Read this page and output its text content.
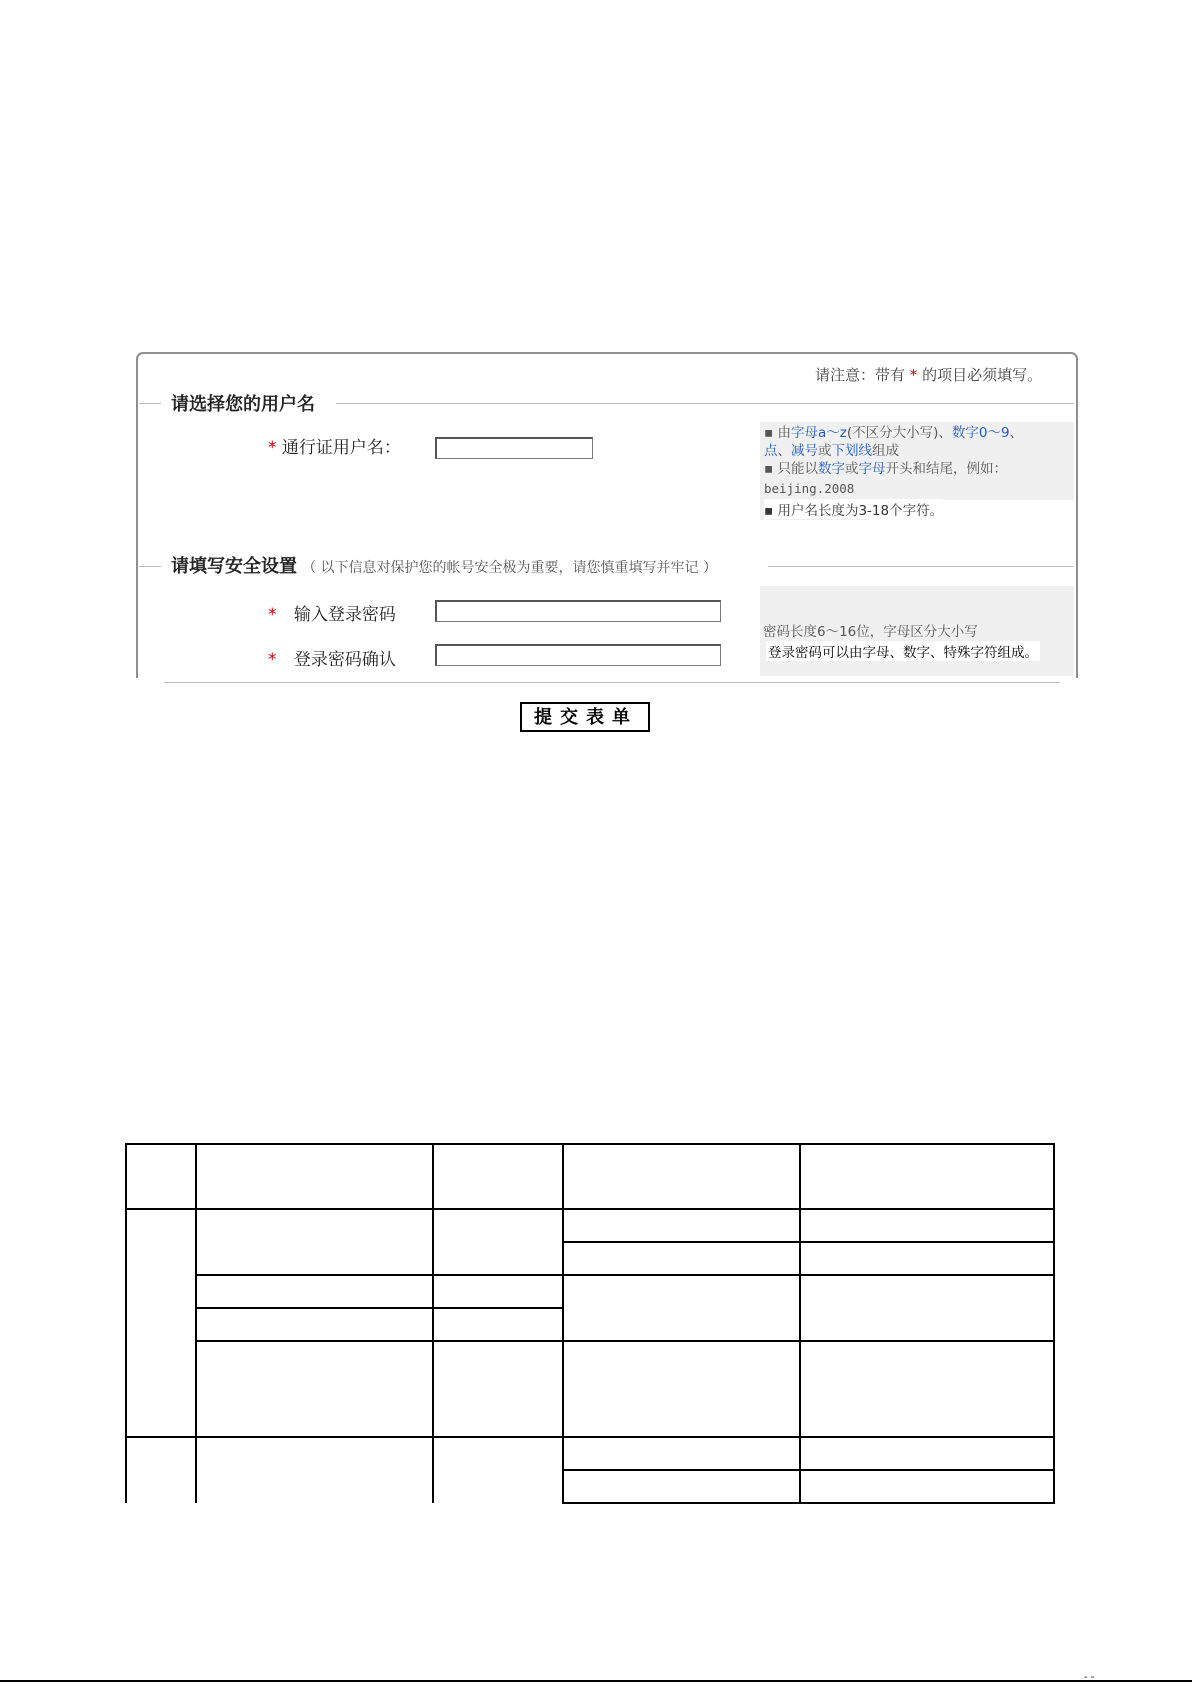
请注意：带有 * 的项目必须填写。
请选择您的用户名
* 通行证用户名：
▪ 由字母a～z(不区分大小写)、数字0～9、
点、减号或下划线组成
▪ 只能以数字或字母开头和结尾，例如：
beijing.2008
▪ 用户名长度为3-18个字符。
请填写安全设置 （ 以下信息对保护您的帐号安全极为重要，请您慎重填写并牢记 ）
* 输入登录密码
* 登录密码确认
密码长度6～16位，字母区分大小写
登录密码可以由字母、数字、特殊字符组成。
提交表单

- -
